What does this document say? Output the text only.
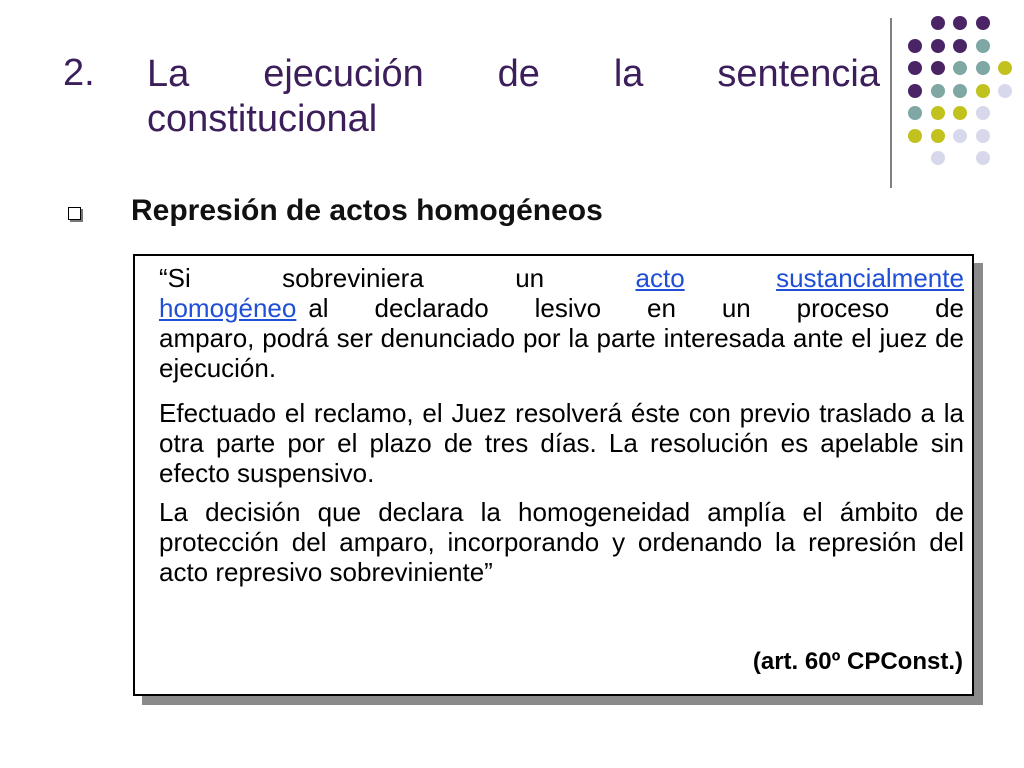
2. La ejecución de la sentencia
constitucional
Represión de actos homogéneos
“Si	sobreviniera	un	acto	sustancialmente
homogéneo al declarado lesivo en un proceso de
amparo, podrá ser denunciado por la parte interesada ante el juez de ejecución.
Efectuado el reclamo, el Juez resolverá éste con previo traslado a la otra parte por el plazo de tres días. La resolución es apelable sin efecto suspensivo.
La decisión que declara la homogeneidad amplía el ámbito de protección del amparo, incorporando y ordenando la represión del acto represivo sobreviniente”
(art. 60º CPConst.)
